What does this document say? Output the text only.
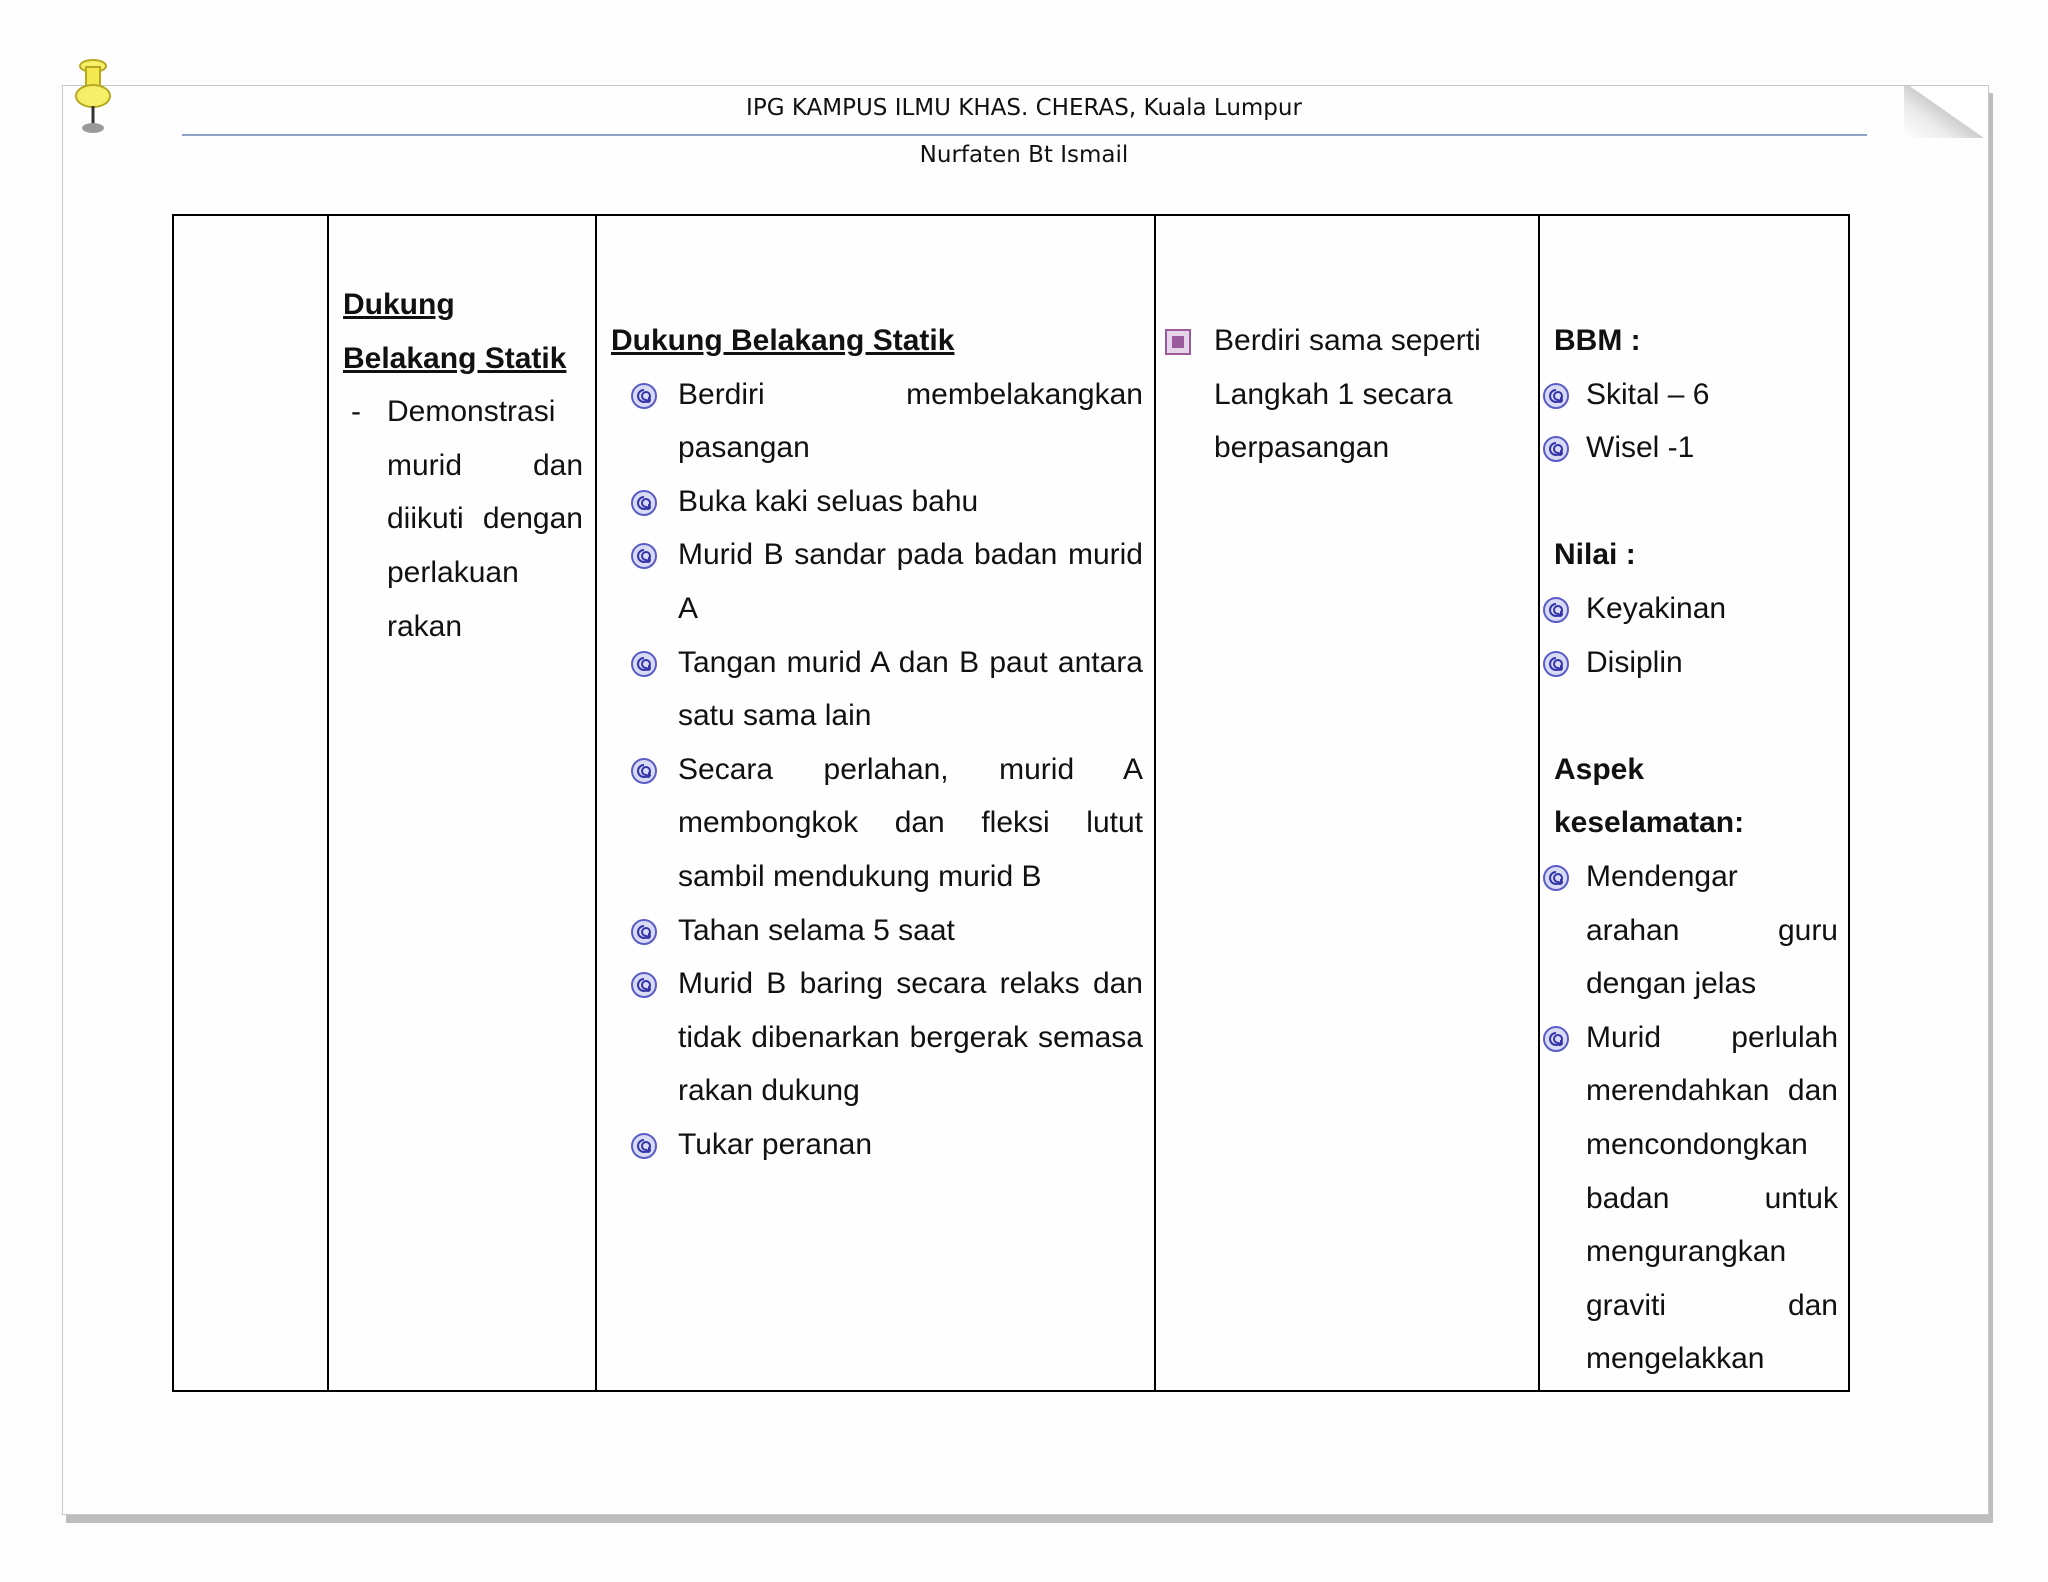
IPG KAMPUS ILMU KHAS. CHERAS, Kuala Lumpur
Nurfaten Bt Ismail
Dukung
Belakang Statik
- Demonstrasi murid dan diikuti dengan perlakuan rakan
Dukung Belakang Statik
Berdiri membelakangkan pasangan
Buka kaki seluas bahu
Murid B sandar pada badan murid A
Tangan murid A dan B paut antara satu sama lain
Secara perlahan, murid A membongkok dan fleksi lutut sambil mendukung murid B
Tahan selama 5 saat
Murid B baring secara relaks dan tidak dibenarkan bergerak semasa rakan dukung
Tukar peranan
Berdiri sama seperti Langkah 1 secara berpasangan
BBM :
Skital – 6
Wisel -1
Nilai :
Keyakinan
Disiplin
Aspek keselamatan:
Mendengar arahan guru dengan jelas
Murid perlulah merendahkan dan mencondongkan badan untuk mengurangkan graviti dan mengelakkan
